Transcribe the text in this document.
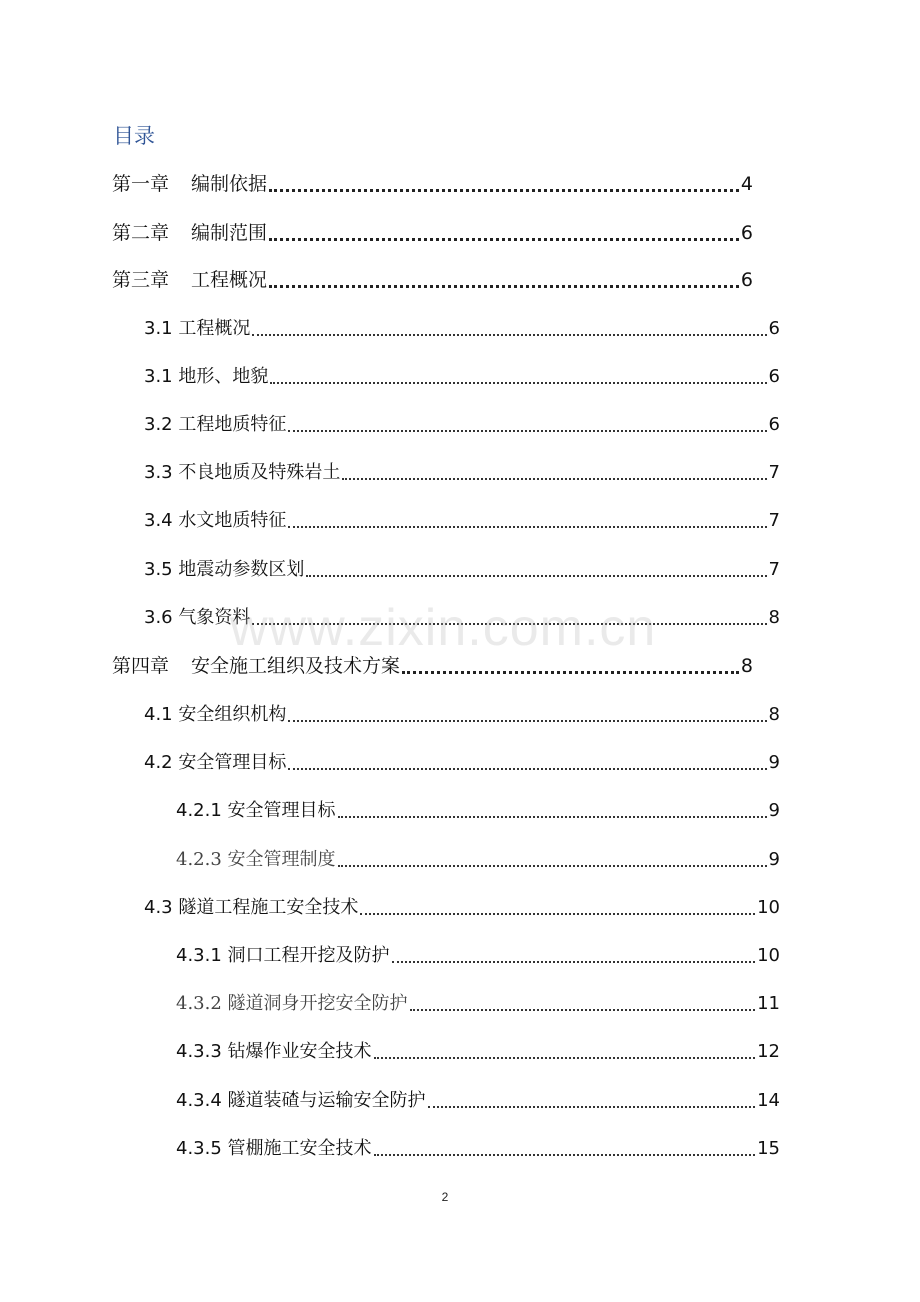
目录
第一章 编制依据	4
第二章 编制范围	6
第三章 工程概况	6
3.1 工程概况	6
3.1 地形、地貌	6
3.2 工程地质特征	6
3.3 不良地质及特殊岩土	7
3.4 水文地质特征	7
3.5 地震动参数区划	7
3.6 气象资料	8
第四章 安全施工组织及技术方案	8
4.1 安全组织机构	8
4.2 安全管理目标	9
4.2.1 安全管理目标	9
4.2.3 安全管理制度	9
4.3 隧道工程施工安全技术	10
4.3.1 洞口工程开挖及防护	10
4.3.2 隧道洞身开挖安全防护	11
4.3.3 钻爆作业安全技术	12
4.3.4 隧道装碴与运输安全防护	14
4.3.5 管棚施工安全技术	15
www.zixin.com.cn
2
